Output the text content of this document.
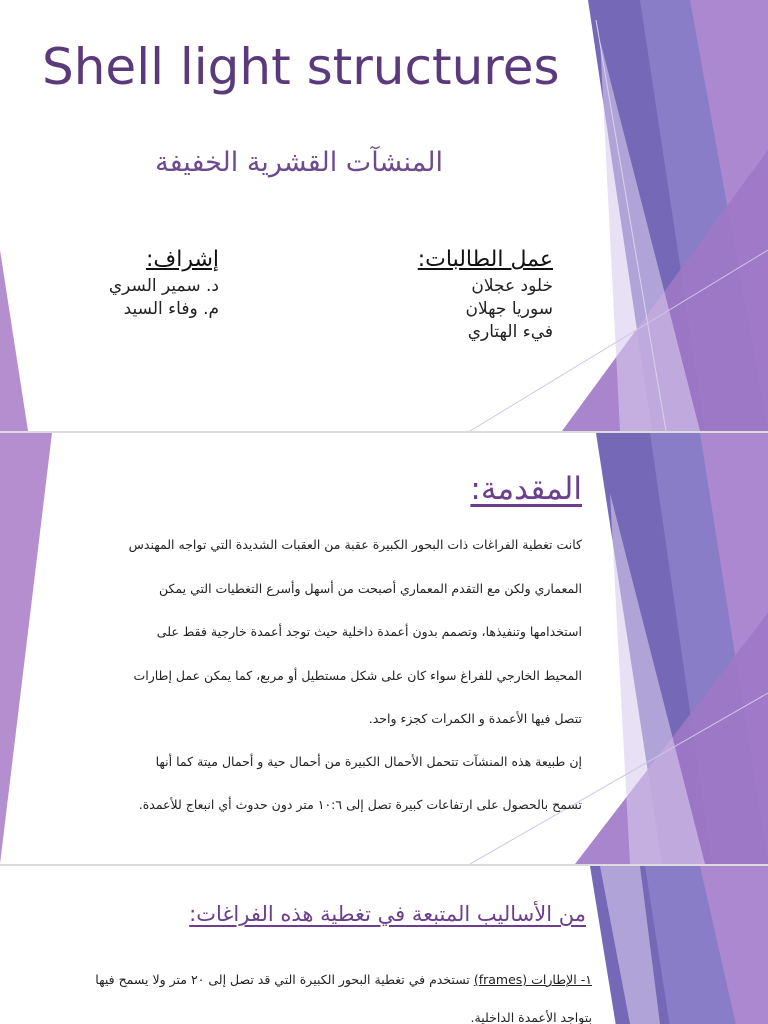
Shell light structures
المنشآت القشرية الخفيفة
عمل الطالبات:
خلود عجلان
سوريا جهلان
فيء الهتاري
إشراف:
د. سمير السري
م. وفاء السيد
المقدمة:
كانت تغطية الفراغات ذات البحور الكبيرة عقبة من العقبات الشديدة التي تواجه المهندس
المعماري ولكن مع التقدم المعماري أصبحت من أسهل وأسرع التغطيات التي يمكن
استخدامها وتنفيذها، وتصمم بدون أعمدة داخلية حيث توجد أعمدة خارجية فقط على
المحيط الخارجي للفراغ سواء كان على شكل مستطيل أو مربع، كما يمكن عمل إطارات
تتصل فيها الأعمدة و الكمرات كجزء واحد.
إن طبيعة هذه المنشآت تتحمل الأحمال الكبيرة من أحمال حية و أحمال ميتة كما أنها
تسمح بالحصول على ارتفاعات كبيرة تصل إلى ١٠:٦ متر دون حدوث أي انبعاج للأعمدة.
من الأساليب المتبعة في تغطية هذه الفراغات:
١- الإطارات (frames) تستخدم في تغطية البحور الكبيرة التي قد تصل إلى ٢٠ متر ولا يسمح فيها
بتواجد الأعمدة الداخلية.
